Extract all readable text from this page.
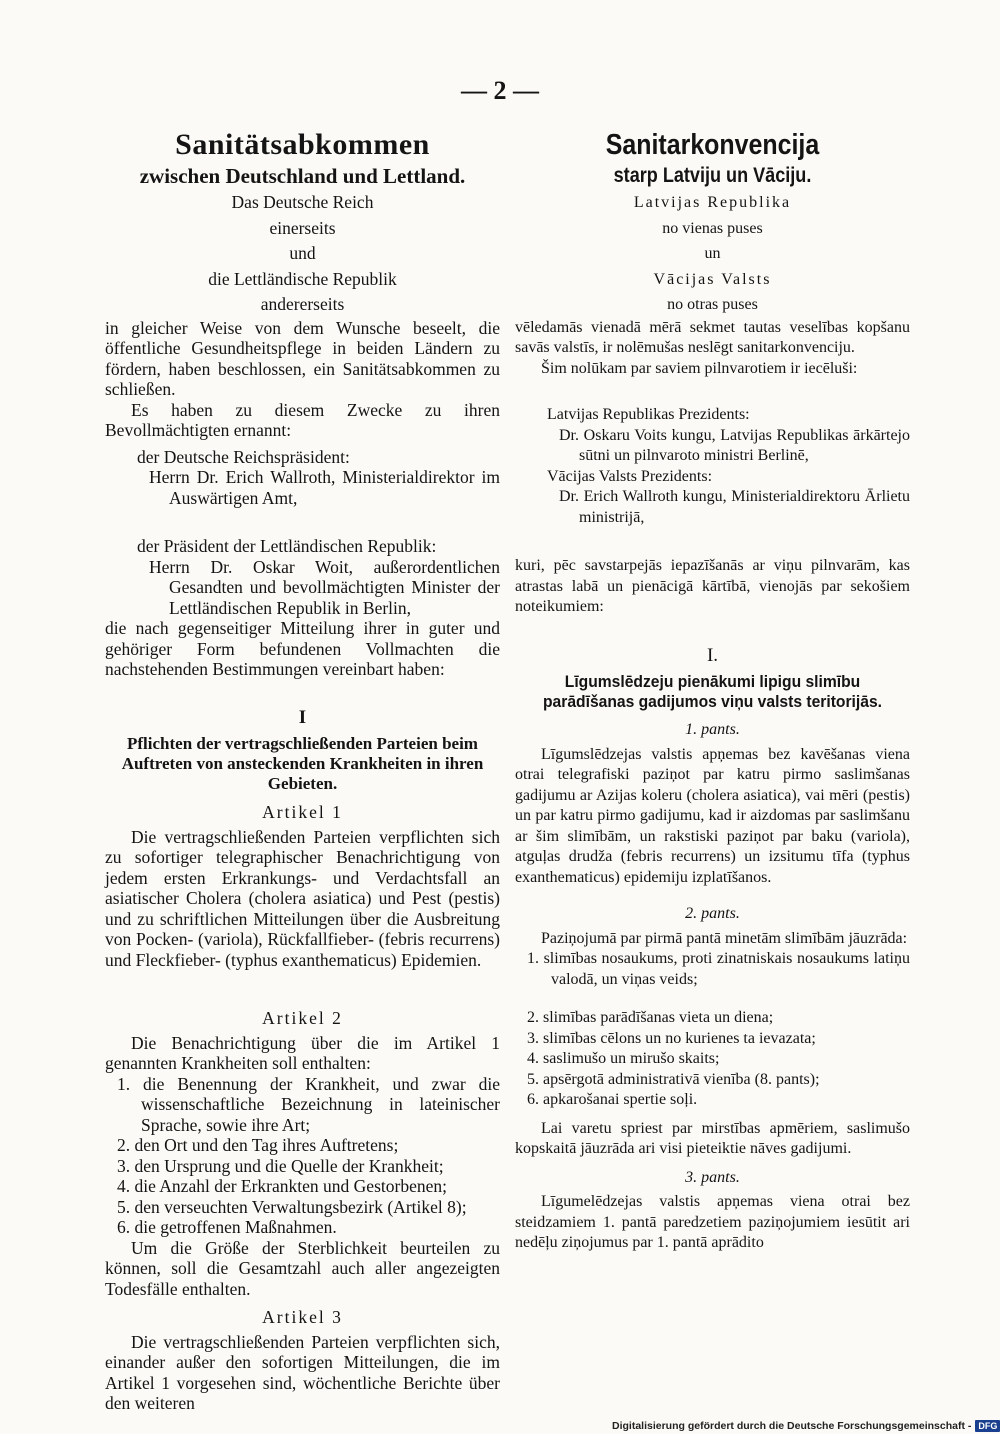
— 2 —
Sanitätsabkommen
zwischen Deutschland und Lettland.
Das Deutsche Reich
einerseits
und
die Lettländische Republik
andererseits

in gleicher Weise von dem Wunsche beseelt, die öffentliche Gesundheitspflege in beiden Ländern zu fördern, haben beschlossen, ein Sanitätsabkommen zu schließen.

Es haben zu diesem Zwecke zu ihren Bevollmächtigten ernannt:

der Deutsche Reichspräsident:

Herrn Dr. Erich Wallroth, Ministerialdirektor im Auswärtigen Amt,

der Präsident der Lettländischen Republik:

Herrn Dr. Oskar Woit, außerordentlichen Gesandten und bevollmächtigten Minister der Lettländischen Republik in Berlin,

die nach gegenseitiger Mitteilung ihrer in guter und gehöriger Form befundenen Vollmachten die nachstehenden Bestimmungen vereinbart haben:

I
Pflichten der vertragschließenden Parteien beim Auftreten von ansteckenden Krankheiten in ihren Gebieten.
Artikel 1

Die vertragschließenden Parteien verpflichten sich zu sofortiger telegraphischer Benachrichtigung von jedem ersten Erkrankungs- und Verdachtsfall an asiatischer Cholera (cholera asiatica) und Pest (pestis) und zu schriftlichen Mitteilungen über die Ausbreitung von Pocken- (variola), Rückfallfieber- (febris recurrens) und Fleckfieber- (typhus exanthematicus) Epidemien.

Artikel 2

Die Benachrichtigung über die im Artikel 1 genannten Krankheiten soll enthalten:

1. die Benennung der Krankheit, und zwar die wissenschaftliche Bezeichnung in lateinischer Sprache, sowie ihre Art;
2. den Ort und den Tag ihres Auftretens;
3. den Ursprung und die Quelle der Krankheit;
4. die Anzahl der Erkrankten und Gestorbenen;
5. den verseuchten Verwaltungsbezirk (Artikel 8);
6. die getroffenen Maßnahmen.

Um die Größe der Sterblichkeit beurteilen zu können, soll die Gesamtzahl auch aller angezeigten Todesfälle enthalten.

Artikel 3

Die vertragschließenden Parteien verpflichten sich, einander außer den sofortigen Mitteilungen, die im Artikel 1 vorgesehen sind, wöchentliche Berichte über den weiteren

Sanitarkonvencija
starp Latviju un Vāciju.
Latvijas Republika
no vienas puses
un
Vācijas Valsts
no otras puses

vēledamās vienadā mērā sekmet tautas veselības kopšanu savās valstīs, ir nolēmušas neslēgt sanitarkonvenciju.

Šim nolūkam par saviem pilnvarotiem ir iecēluši:

Latvijas Republikas Prezidents:

Dr. Oskaru Voits kungu, Latvijas Republikas ārkārtejo sūtni un pilnvaroto ministri Berlinē,

Vācijas Valsts Prezidents:

Dr. Erich Wallroth kungu, Ministerialdirektoru Ārlietu ministrijā,

kuri, pēc savstarpejās iepazīšanās ar viņu pilnvarām, kas atrastas labā un pienācigā kārtībā, vienojās par sekošiem noteikumiem:

I.
Līgumslēdzeju pienākumi lipigu slimību parādīšanas gadijumos viņu valsts teritorijās.
1. pants.

Līgumslēdzejas valstis apņemas bez kavēšanas viena otrai telegrafiski paziņot par katru pirmo saslimšanas gadijumu ar Azijas koleru (cholera asiatica), vai mēri (pestis) un par katru pirmo gadijumu, kad ir aizdomas par saslimšanu ar šim slimībām, un rakstiski paziņot par baku (variola), atguļas drudža (febris recurrens) un izsitumu tīfa (typhus exanthematicus) epidemiju izplatīšanos.

2. pants.

Paziņojumā par pirmā pantā minetām slimībām jāuzrāda:

1. slimības nosaukums, proti zinatniskais nosaukums latiņu valodā, un viņas veids;
2. slimības parādīšanas vieta un diena;
3. slimības cēlons un no kurienes ta ievazata;
4. saslimušo un mirušo skaits;
5. apsērgotā administrativā vienība (8. pants);
6. apkarošanai spertie soļi.

Lai varetu spriest par mirstības apmēriem, saslimušo kopskaitā jāuzrāda ari visi pieteiktie nāves gadijumi.

3. pants.

Līgumelēdzejas valstis apņemas viena otrai bez steidzamiem 1. pantā paredzetiem paziņojumiem iesūtit ari nedēļu ziņojumus par 1. pantā aprādito

Digitalisierung gefördert durch die Deutsche Forschungsgemeinschaft - DFG
